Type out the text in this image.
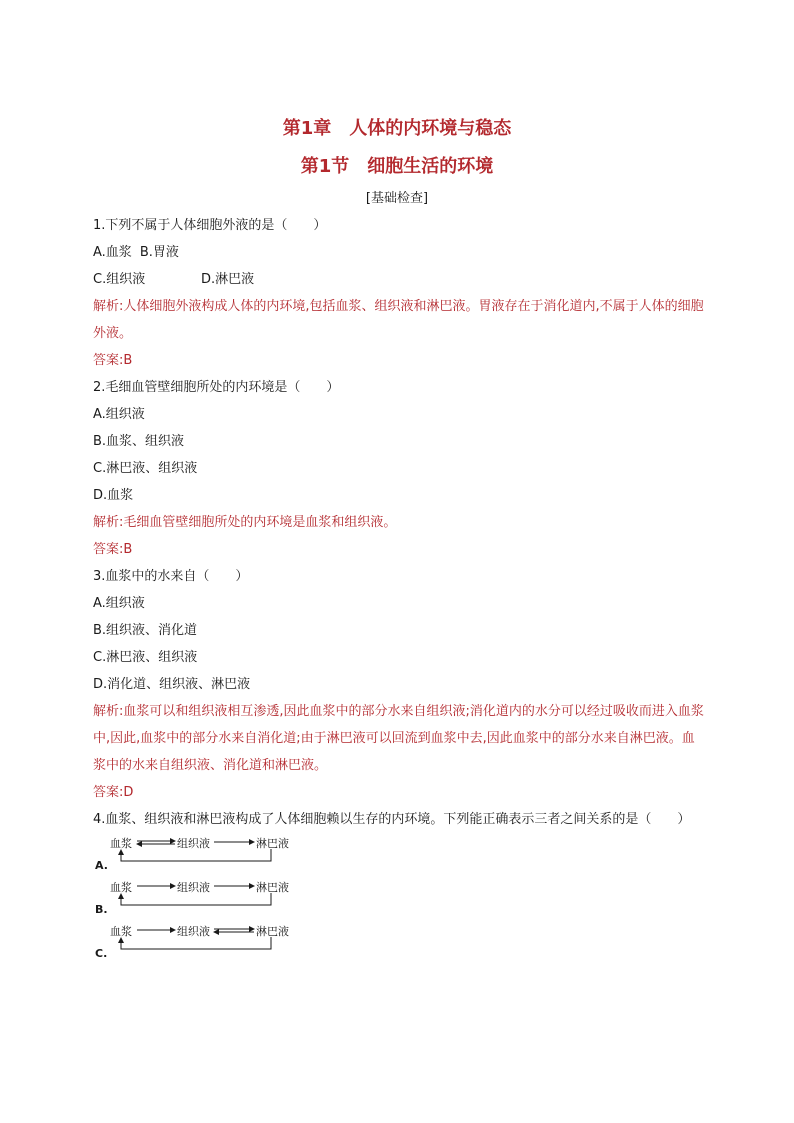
第1章　人体的内环境与稳态
第1节　细胞生活的环境
[基础检查]
1.下列不属于人体细胞外液的是（　　）
A.血浆 B.胃液
C.组织液	D.淋巴液
解析:人体细胞外液构成人体的内环境,包括血浆、组织液和淋巴液。胃液存在于消化道内,不属于人体的细胞外液。
答案:B
2.毛细血管壁细胞所处的内环境是（　　）
A.组织液
B.血浆、组织液
C.淋巴液、组织液
D.血浆
解析:毛细血管壁细胞所处的内环境是血浆和组织液。
答案:B
3.血浆中的水来自（　　）
A.组织液
B.组织液、消化道
C.淋巴液、组织液
D.消化道、组织液、淋巴液
解析:血浆可以和组织液相互渗透,因此血浆中的部分水来自组织液;消化道内的水分可以经过吸收而进入血浆中,因此,血浆中的部分水来自消化道;由于淋巴液可以回流到血浆中去,因此血浆中的部分水来自淋巴液。血浆中的水来自组织液、消化道和淋巴液。
答案:D
4.血浆、组织液和淋巴液构成了人体细胞赖以生存的内环境。下列能正确表示三者之间关系的是（　　）
A.
血浆	组织液	淋巴液
B.
血浆	组织液	淋巴液
C.
血浆	组织液	淋巴液
